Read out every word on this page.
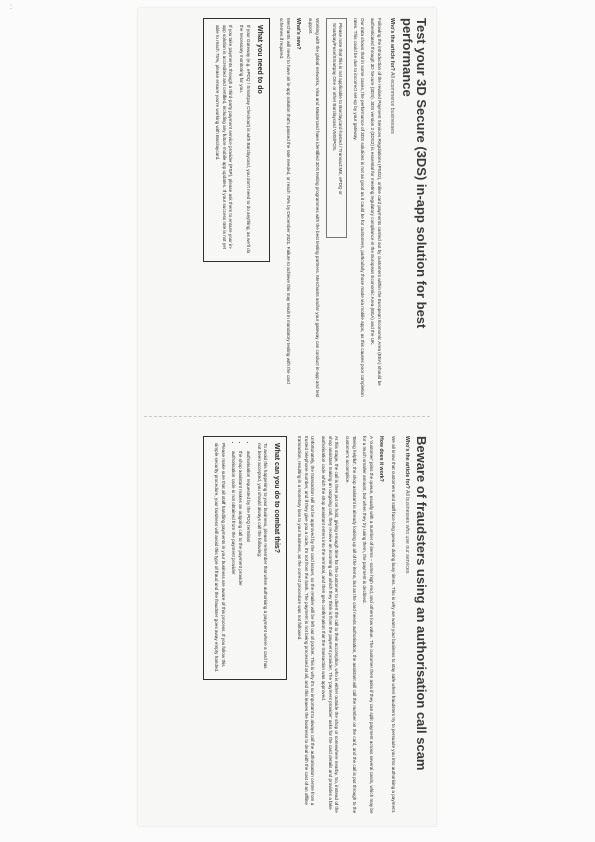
⁚
Test your 3D Secure (3DS) in-app solution for best performance
Who's the article for? All ecommerce businesses

Following the introduction of the revised Payment Services Regulations (PSD2), online card payments carried out by customers within the European Economic Area (EEA) should be authenticated through 3D Secure (3DS). 3DS version 2 (3DS2) is essential for meeting regulatory compliance in the European Economic Area (EEA) and the UK.

Our data shows that in some cases, the performance of 3DS solutions is not as good as it could be for customers, particularly those made via mobile apps, as this causes poor completion rates. This could be due to incorrect set-up by your gateway.

Please note that this is not applicable to Barclaycard-hosted / Transact:ME, ePDQ or Smartpay/Fuse/Smartpay One or other Barclaycard VMS/POS.

Working with the global networks, Visa and Mastercard have identified 3DS testing programmes with the best testing partners. Merchants and/or your gateway can conduct in-app and test support.

What's new?

Merchants will need to have an in-app solution that's passed the rate needed, or reach 75% by December 2021. Failure to achieve this may result in mandatory testing with the card schemes if required.

What you need to do

If your Gateway (e.g. ePDQ / Smartpay Checkout) is with Barclaycard, you don't need to do anything, as we'll do the necessary monitoring for you.

If you take payments through a third-party payment service provider (PSP), please ask them to ensure your in-app solution is accredited and certified, including any future mobile app updates. If your success rate is not yet able to reach 75%, please ensure you're working with Barclaycard.

Beware of fraudsters using an authorisation call scam
Who's the article for? All businesses who use our services

We all know that customers and staff face long queues during busy times. This is why we want your business to stay safe when fraudsters try to persuade you into authorising a payment.

How does it work?

A 'customer' joins the queue, usually with a number of items – some high end, and others low value. The customer then asks if they can split payment across several cards, which may be for a much smaller amount, but when they try using them, the payment is declined.

'Being helpful', the shop assistant is already looking up all of the items, but as the card needs authorisation, the assistant will call the number on the card, and the call is put through to the customer's accomplice.

At this stage, the call is then put on hold, giving enough time for the customer to divert the call to their accomplice, who is either outside the shop or somewhere nearby. So, instead of the shop assistant making an outgoing call, they receive an incoming call which they think is from the payment provider. The 'payment provider' asks for the card details and provides a fake authorisation code which the shop assistant enters into the terminal, and then gets confirmation that the transaction was approved.

Unfortunately, the transaction will not be approved by the card issuer, so the retailer will be left out of pocket. This is why it's so important to always call the authorisation centre from a trusted telephone number, and if they give you a code, it's not from the bank. The payment is not being processed at all, and this leaves the business to deal with the cost of an offline transaction, resulting in a monetary loss to your business, as the correct procedure was not followed.

What can you do to combat this?

To avoid this happening to your business, please remember that when authorising a payment where a card has not been accepted, you should always call the following:

• authorisation requested by the PDQ terminal
• the shop assistant makes an outgoing call to the payment provider
• authorisation code is not obtained from the payment provider

Please make sure that all staff handling payments in your business are aware of this process. If you follow this simple security procedure, your business will avoid this type of fraud and the fraudster goes away empty handed.
